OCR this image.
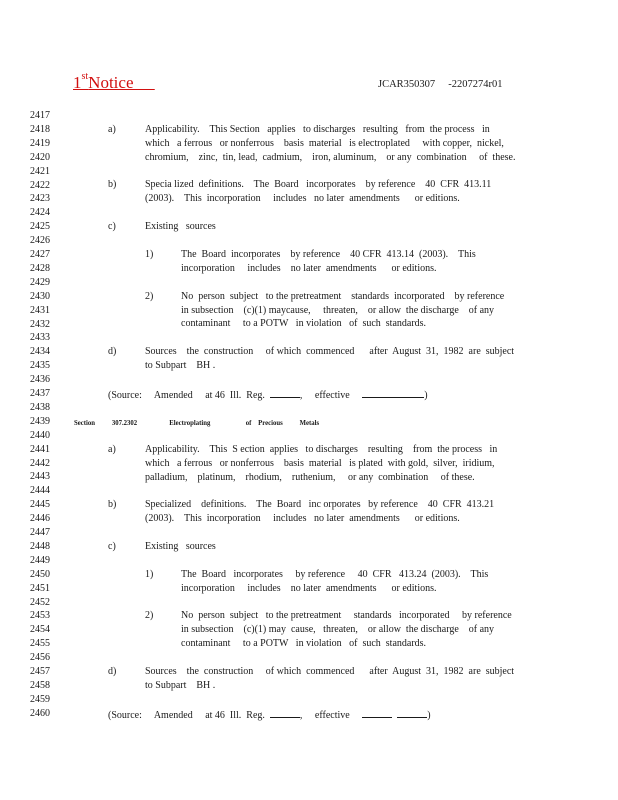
1stNotice	JCAR350307     -2207274r01
2417
2418
2419
2420
2421
2422
2423
2424
2425
2426
2427
2428
2429
2430
2431
2432
2433
2434
2435
2436
2437
2438
2439
2440
2441
2442
2443
2444
2445
2446
2447
2448
2449
2450
2451
2452
2453
2454
2455
2456
2457
2458
2459
2460
a)	Applicability.    This Section   applies   to discharges   resulting   from  the process   in
which   a ferrous   or nonferrous    basis  material   is electroplated     with copper,  nickel,
chromium,    zinc,  tin, lead,  cadmium,    iron, aluminum,    or any  combination     of  these.
b)	Specia lized  definitions.    The  Board   incorporates    by reference    40  CFR  413.11
(2003).    This  incorporation     includes   no later  amendments      or editions.
c)	Existing   sources
1)	The  Board  incorporates    by reference    40 CFR  413.14  (2003).    This
incorporation     includes    no later  amendments      or editions.
2)	No  person  subject   to the pretreatment    standards  incorporated    by reference
in subsection    (c)(1) maycause,     threaten,    or allow  the discharge    of any
contaminant     to a POTW   in violation   of  such  standards.
d)	Sources    the  construction     of which  commenced      after  August  31,  1982  are  subject
to Subpart    BH .
(Source:     Amended     at 46  Ill.  Reg.	,     effective	)
Section          307.2302                   Electroplating                     of    Precious          Metals
a)	Applicability.    This  S ection  applies   to discharges    resulting    from  the process   in
which   a ferrous   or nonferrous    basis  material   is plated  with gold,  silver,  iridium,
palladium,    platinum,    rhodium,    ruthenium,     or any  combination     of these.
b)	Specialized    definitions.    The  Board   inc orporates   by reference    40  CFR  413.21
(2003).    This  incorporation     includes   no later  amendments      or editions.
c)	Existing   sources
1)	The  Board   incorporates     by reference     40  CFR   413.24  (2003).    This
incorporation     includes    no later  amendments      or editions.
2)	No  person  subject   to the pretreatment     standards   incorporated     by reference
in subsection    (c)(1) may  cause,   threaten,    or allow  the discharge    of any
contaminant     to a POTW   in violation   of  such  standards.
d)	Sources    the  construction     of which  commenced      after  August  31,  1982  are  subject
to Subpart    BH .
(Source:     Amended     at 46  Ill.  Reg.	,     effective	)
